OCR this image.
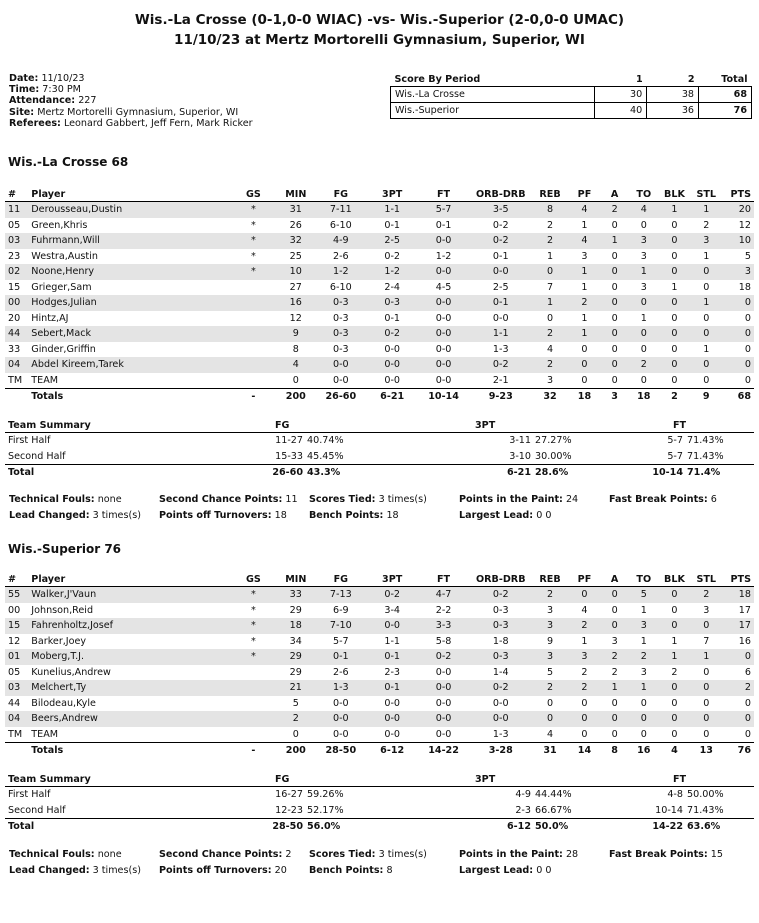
Wis.-La Crosse (0-1,0-0 WIAC) -vs- Wis.-Superior (2-0,0-0 UMAC)
11/10/23 at Mertz Mortorelli Gymnasium, Superior, WI
Date: 11/10/23
Time: 7:30 PM
Attendance: 227
Site: Mertz Mortorelli Gymnasium, Superior, WI
Referees: Leonard Gabbert, Jeff Fern, Mark Ricker
Score By Period	1	2	Total
Wis.-La Crosse	30	38	68
Wis.-Superior	40	36	76
Wis.-La Crosse 68
#	Player	GS	MIN	FG	3PT	FT	ORB-DRB	REB	PF	A	TO	BLK	STL	PTS
11	Derousseau,Dustin	*	31	7-11	1-1	5-7	3-5	8	4	2	4	1	1	20
05	Green,Khris	*	26	6-10	0-1	0-1	0-2	2	1	0	0	0	2	12
03	Fuhrmann,Will	*	32	4-9	2-5	0-0	0-2	2	4	1	3	0	3	10
23	Westra,Austin	*	25	2-6	0-2	1-2	0-1	1	3	0	3	0	1	5
02	Noone,Henry	*	10	1-2	1-2	0-0	0-0	0	1	0	1	0	0	3
15	Grieger,Sam		27	6-10	2-4	4-5	2-5	7	1	0	3	1	0	18
00	Hodges,Julian		16	0-3	0-3	0-0	0-1	1	2	0	0	0	1	0
20	Hintz,AJ		12	0-3	0-1	0-0	0-0	0	1	0	1	0	0	0
44	Sebert,Mack		9	0-3	0-2	0-0	1-1	2	1	0	0	0	0	0
33	Ginder,Griffin		8	0-3	0-0	0-0	1-3	4	0	0	0	0	1	0
04	Abdel Kireem,Tarek		4	0-0	0-0	0-0	0-2	2	0	0	2	0	0	0
TM	TEAM		0	0-0	0-0	0-0	2-1	3	0	0	0	0	0	0
	Totals	-	200	26-60	6-21	10-14	9-23	32	18	3	18	2	9	68
Team Summary	FG		3PT		FT	
First Half	11-27	40.74%	3-11	27.27%	5-7	71.43%
Second Half	15-33	45.45%	3-10	30.00%	5-7	71.43%
Total	26-60	43.3%	6-21	28.6%	10-14	71.4%
Technical Fouls: none	Second Chance Points: 11	Scores Tied: 3 times(s)	Points in the Paint: 24	Fast Break Points: 6
Lead Changed: 3 times(s)	Points off Turnovers: 18	Bench Points: 18	Largest Lead: 0 0
Wis.-Superior 76
#	Player	GS	MIN	FG	3PT	FT	ORB-DRB	REB	PF	A	TO	BLK	STL	PTS
55	Walker,J'Vaun	*	33	7-13	0-2	4-7	0-2	2	0	0	5	0	2	18
00	Johnson,Reid	*	29	6-9	3-4	2-2	0-3	3	4	0	1	0	3	17
15	Fahrenholtz,Josef	*	18	7-10	0-0	3-3	0-3	3	2	0	3	0	0	17
12	Barker,Joey	*	34	5-7	1-1	5-8	1-8	9	1	3	1	1	7	16
01	Moberg,T.J.	*	29	0-1	0-1	0-2	0-3	3	3	2	2	1	1	0
05	Kunelius,Andrew		29	2-6	2-3	0-0	1-4	5	2	2	3	2	0	6
03	Melchert,Ty		21	1-3	0-1	0-0	0-2	2	2	1	1	0	0	2
44	Bilodeau,Kyle		5	0-0	0-0	0-0	0-0	0	0	0	0	0	0	0
04	Beers,Andrew		2	0-0	0-0	0-0	0-0	0	0	0	0	0	0	0
TM	TEAM		0	0-0	0-0	0-0	1-3	4	0	0	0	0	0	0
	Totals	-	200	28-50	6-12	14-22	3-28	31	14	8	16	4	13	76
Team Summary	FG		3PT		FT	
First Half	16-27	59.26%	4-9	44.44%	4-8	50.00%
Second Half	12-23	52.17%	2-3	66.67%	10-14	71.43%
Total	28-50	56.0%	6-12	50.0%	14-22	63.6%
Technical Fouls: none	Second Chance Points: 2	Scores Tied: 3 times(s)	Points in the Paint: 28	Fast Break Points: 15
Lead Changed: 3 times(s)	Points off Turnovers: 20	Bench Points: 8	Largest Lead: 0 0
